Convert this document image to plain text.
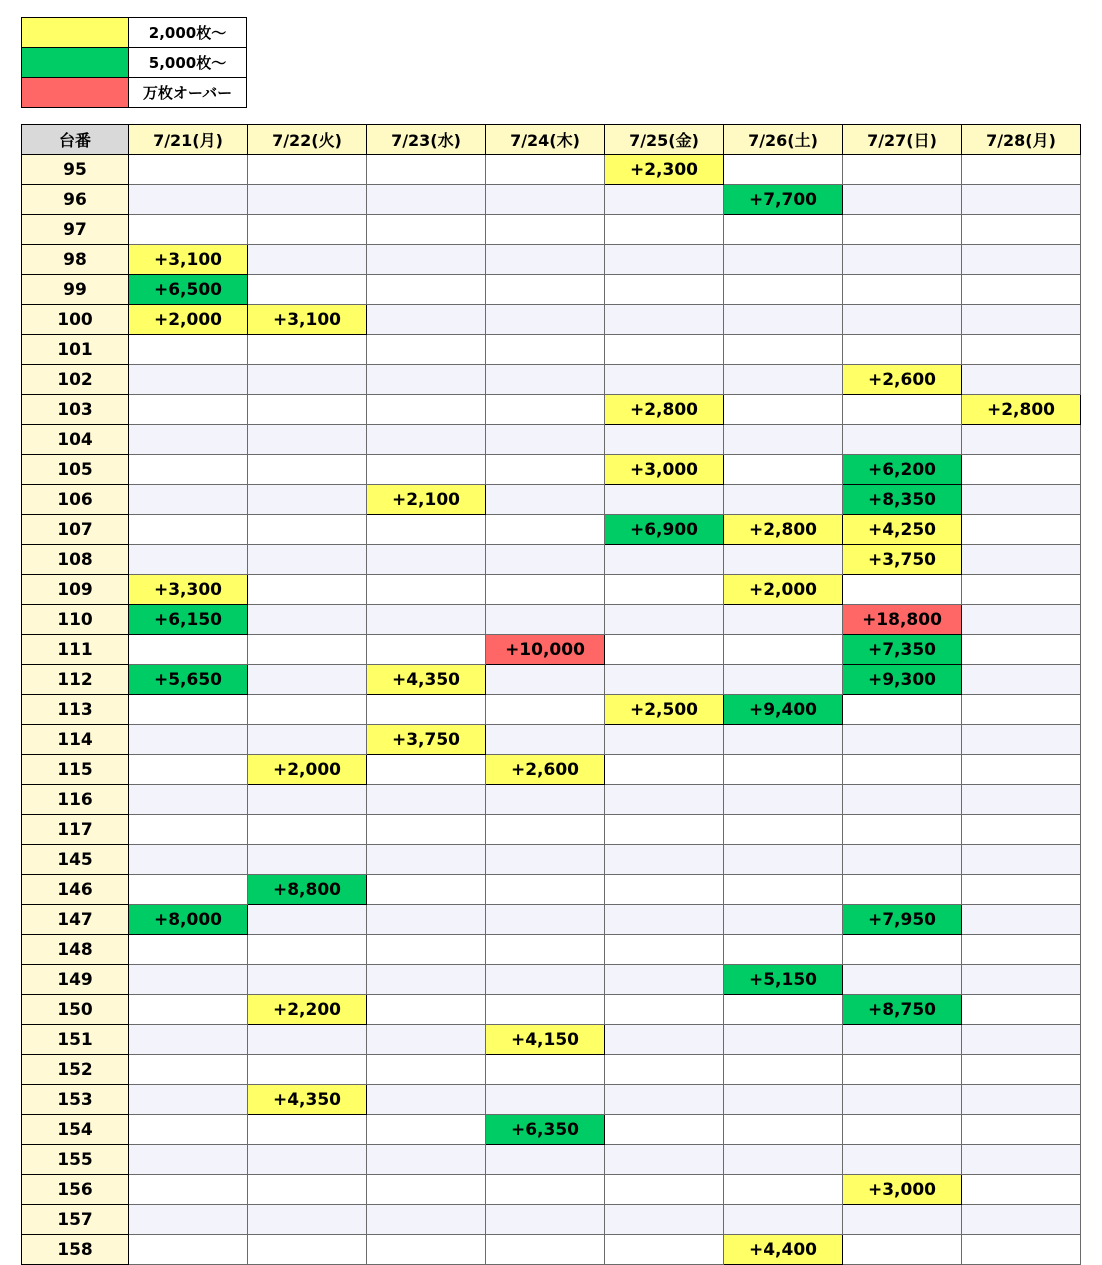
	2,000枚～
	5,000枚～
	万枚オーバー
台番	7/21(月)	7/22(火)	7/23(水)	7/24(木)	7/25(金)	7/26(土)	7/27(日)	7/28(月)
95					+2,300			
96						+7,700		
97								
98	+3,100							
99	+6,500							
100	+2,000	+3,100						
101								
102							+2,600	
103					+2,800			+2,800
104								
105					+3,000		+6,200	
106			+2,100				+8,350	
107					+6,900	+2,800	+4,250	
108							+3,750	
109	+3,300					+2,000		
110	+6,150						+18,800	
111				+10,000			+7,350	
112	+5,650		+4,350				+9,300	
113					+2,500	+9,400		
114			+3,750					
115		+2,000		+2,600				
116								
117								
145								
146		+8,800						
147	+8,000						+7,950	
148								
149						+5,150		
150		+2,200					+8,750	
151				+4,150				
152								
153		+4,350						
154				+6,350				
155								
156							+3,000	
157								
158						+4,400		
